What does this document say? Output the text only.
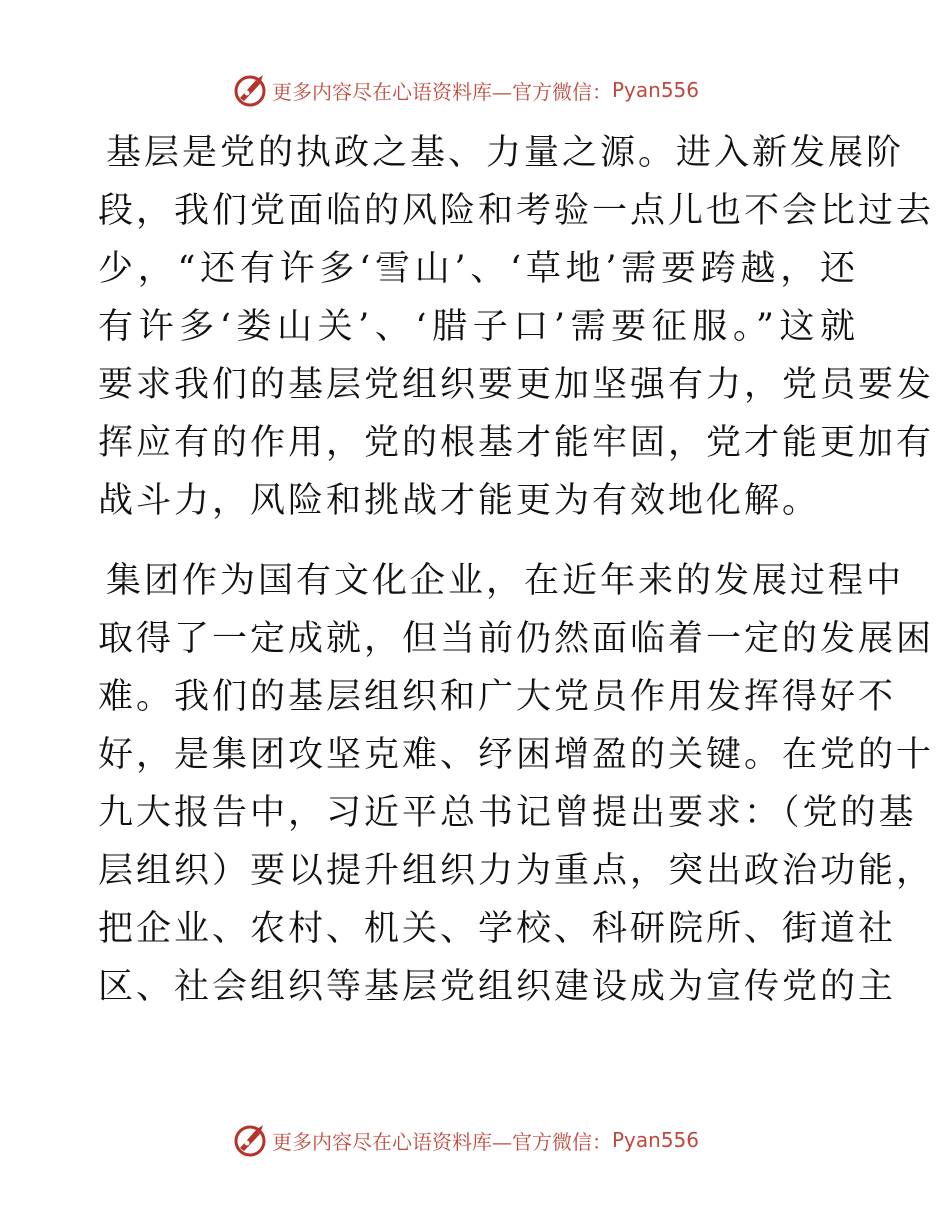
更多内容尽在心语资料库—官方微信： Pyan556
基层是党的执政之基、力量之源。进入新发展阶
段，我们党面临的风险和考验一点儿也不会比过去
少，“还有许多‘雪山’、‘草地’需要跨越，还
有许多‘娄山关’、‘腊子口’需要征服。”这就
要求我们的基层党组织要更加坚强有力，党员要发
挥应有的作用，党的根基才能牢固，党才能更加有
战斗力，风险和挑战才能更为有效地化解。
集团作为国有文化企业，在近年来的发展过程中
取得了一定成就，但当前仍然面临着一定的发展困
难。我们的基层组织和广大党员作用发挥得好不
好，是集团攻坚克难、纾困增盈的关键。在党的十
九大报告中，习近平总书记曾提出要求：（党的基
层组织）要以提升组织力为重点，突出政治功能，
把企业、农村、机关、学校、科研院所、街道社
区、社会组织等基层党组织建设成为宣传党的主
更多内容尽在心语资料库—官方微信： Pyan556
